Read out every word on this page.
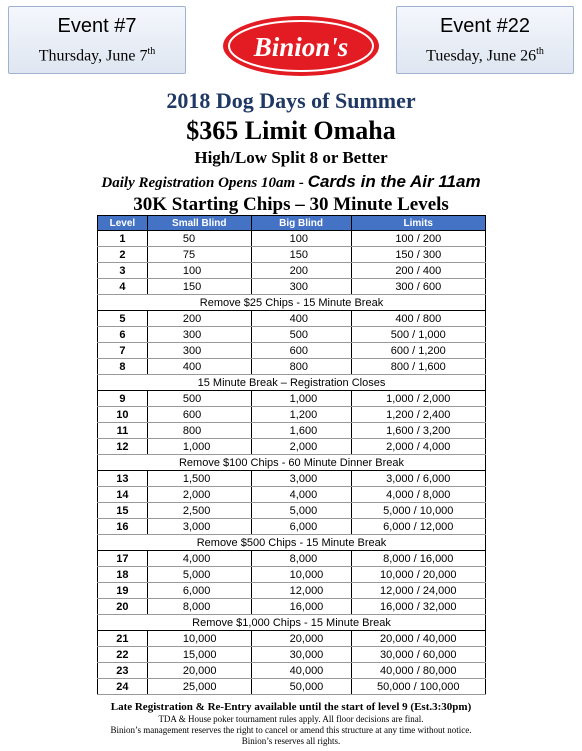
Event #7
Thursday, June 7th	Binion's
Event #22
Tuesday, June 26th
2018 Dog Days of Summer
$365 Limit Omaha
High/Low Split 8 or Better
Daily Registration Opens 10am - Cards in the Air 11am
30K Starting Chips – 30 Minute Levels
Level	Small Blind	Big Blind	Limits
1	50	100	100 / 200
2	75	150	150 / 300
3	100	200	200 / 400
4	150	300	300 / 600
Remove $25 Chips - 15 Minute Break			
5	200	400	400 / 800
6	300	500	500 / 1,000
7	300	600	600 / 1,200
8	400	800	800 / 1,600
15 Minute Break – Registration Closes			
9	500	1,000	1,000 / 2,000
10	600	1,200	1,200 / 2,400
11	800	1,600	1,600 / 3,200
12	1,000	2,000	2,000 / 4,000
Remove $100 Chips - 60 Minute Dinner Break			
13	1,500	3,000	3,000 / 6,000
14	2,000	4,000	4,000 / 8,000
15	2,500	5,000	5,000 / 10,000
16	3,000	6,000	6,000 / 12,000
Remove $500 Chips - 15 Minute Break			
17	4,000	8,000	8,000 / 16,000
18	5,000	10,000	10,000 / 20,000
19	6,000	12,000	12,000 / 24,000
20	8,000	16,000	16,000 / 32,000
Remove $1,000 Chips - 15 Minute Break			
21	10,000	20,000	20,000 / 40,000
22	15,000	30,000	30,000 / 60,000
23	20,000	40,000	40,000 / 80,000
24	25,000	50,000	50,000 / 100,000
Late Registration & Re-Entry available until the start of level 9 (Est.3:30pm)
TDA & House poker tournament rules apply. All floor decisions are final.
Binion’s management reserves the right to cancel or amend this structure at any time without notice.
Binion’s reserves all rights.
